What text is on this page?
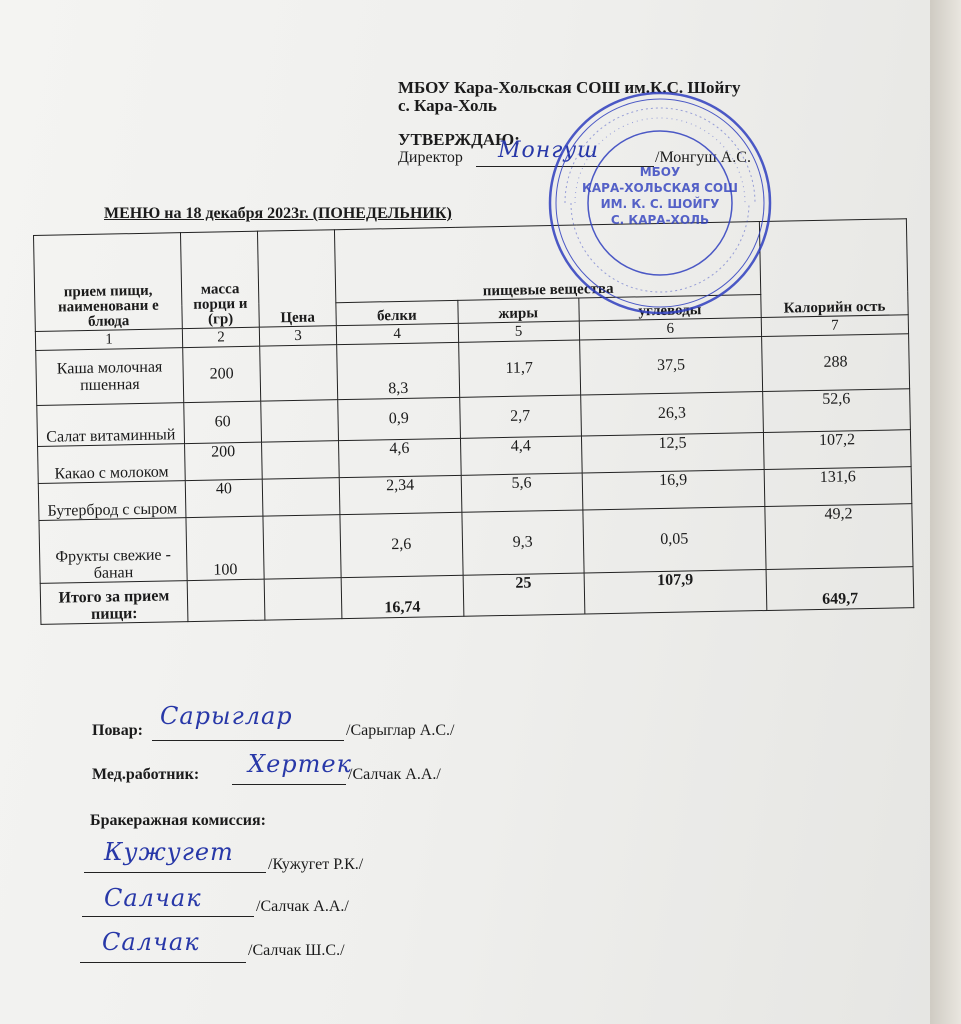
МБОУ Кара-Хольская СОШ им.К.С. Шойгу
с. Кара-Холь
УТВЕРЖДАЮ:
Директор Монгуш	/Монгуш А.С.
МЕНЮ на 18 декабря 2023г. (ПОНЕДЕЛЬНИК)
прием пищи, наименовани е блюда	масса порци и (гр)	Цена	пищевые вещества			Калорийн ость
			белки	жиры	углеводы	
1	2	3	4	5	6	7
Каша молочная пшенная	200		8,3	11,7	37,5	288
Салат витаминный	60		0,9	2,7	26,3	52,6
Какао с молоком	200		4,6	4,4	12,5	107,2
Бутерброд с сыром	40		2,34	5,6	16,9	131,6
Фрукты свежие - банан	100		2,6	9,3	0,05	49,2
Итого за прием пищи:			16,74	25	107,9	649,7
МБОУ
КАРА-ХОЛЬСКАЯ СОШ
ИМ. К. С. ШОЙГУ
С. КАРА-ХОЛЬ
Повар:
Сарыглар
/Сарыглар А.С./
Мед.работник: Хертек
/Салчак А.А./
Бракеражная комиссия:
Кужугет /Кужугет Р.К./
Салчак	/Салчак А.А./
Салчак	/Салчак Ш.С./
